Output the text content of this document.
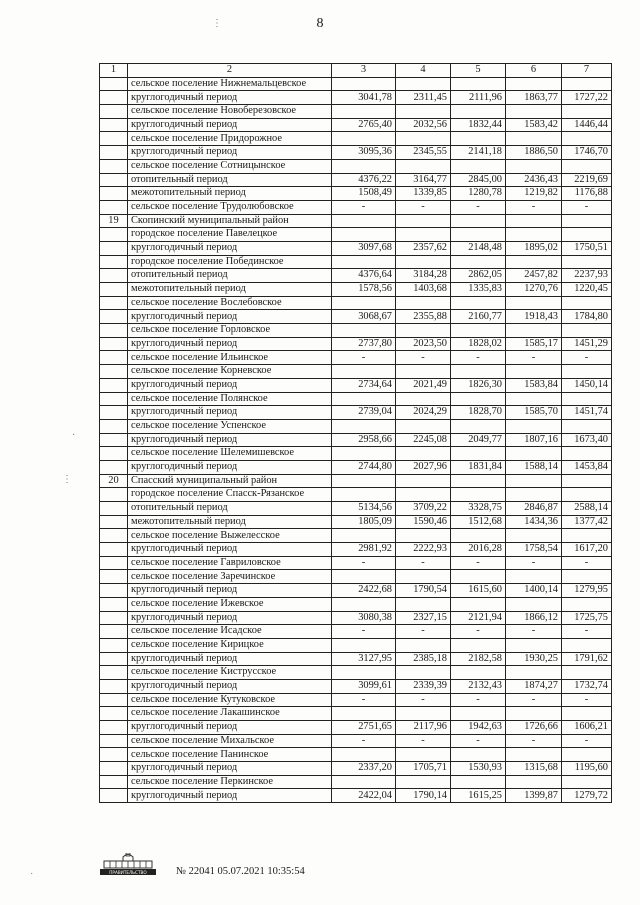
8
⋮
·
⋮
˙
1	2	3	4	5	6	7
	сельское поселение Нижнемальцевское					
	круглогодичный период	3041,78	2311,45	2111,96	1863,77	1727,22
	сельское поселение Новоберезовское					
	круглогодичный период	2765,40	2032,56	1832,44	1583,42	1446,44
	сельское поселение Придорожное					
	круглогодичный период	3095,36	2345,55	2141,18	1886,50	1746,70
	сельское поселение Сотницынское					
	отопительный период	4376,22	3164,77	2845,00	2436,43	2219,69
	межотопительный период	1508,49	1339,85	1280,78	1219,82	1176,88
	сельское поселение Трудолюбовское	-	-	-	-	-
19	Скопинский муниципальный район					
	городское поселение Павелецкое					
	круглогодичный период	3097,68	2357,62	2148,48	1895,02	1750,51
	городское поселение Побединское					
	отопительный период	4376,64	3184,28	2862,05	2457,82	2237,93
	межотопительный период	1578,56	1403,68	1335,83	1270,76	1220,45
	сельское поселение Вослебовское					
	круглогодичный период	3068,67	2355,88	2160,77	1918,43	1784,80
	сельское поселение Горловское					
	круглогодичный период	2737,80	2023,50	1828,02	1585,17	1451,29
	сельское поселение Ильинское	-	-	-	-	-
	сельское поселение Корневское					
	круглогодичный период	2734,64	2021,49	1826,30	1583,84	1450,14
	сельское поселение Полянское					
	круглогодичный период	2739,04	2024,29	1828,70	1585,70	1451,74
	сельское поселение Успенское					
	круглогодичный период	2958,66	2245,08	2049,77	1807,16	1673,40
	сельское поселение Шелемишевское					
	круглогодичный период	2744,80	2027,96	1831,84	1588,14	1453,84
20	Спасский муниципальный район					
	городское поселение Спасск-Рязанское					
	отопительный период	5134,56	3709,22	3328,75	2846,87	2588,14
	межотопительный период	1805,09	1590,46	1512,68	1434,36	1377,42
	сельское поселение Выжелесское					
	круглогодичный период	2981,92	2222,93	2016,28	1758,54	1617,20
	сельское поселение Гавриловское	-	-	-	-	-
	сельское поселение Заречинское					
	круглогодичный период	2422,68	1790,54	1615,60	1400,14	1279,95
	сельское поселение Ижевское					
	круглогодичный период	3080,38	2327,15	2121,94	1866,12	1725,75
	сельское поселение Исадское	-	-	-	-	-
	сельское поселение Кирицкое					
	круглогодичный период	3127,95	2385,18	2182,58	1930,25	1791,62
	сельское поселение Киструсское					
	круглогодичный период	3099,61	2339,39	2132,43	1874,27	1732,74
	сельское поселение Кутуковское	-	-	-	-	-
	сельское поселение Лакашинское					
	круглогодичный период	2751,65	2117,96	1942,63	1726,66	1606,21
	сельское поселение Михальское	-	-	-	-	-
	сельское поселение Панинское					
	круглогодичный период	2337,20	1705,71	1530,93	1315,68	1195,60
	сельское поселение Перкинское					
	круглогодичный период	2422,04	1790,14	1615,25	1399,87	1279,72
ПРАВИТЕЛЬСТВО	№ 22041 05.07.2021 10:35:54
